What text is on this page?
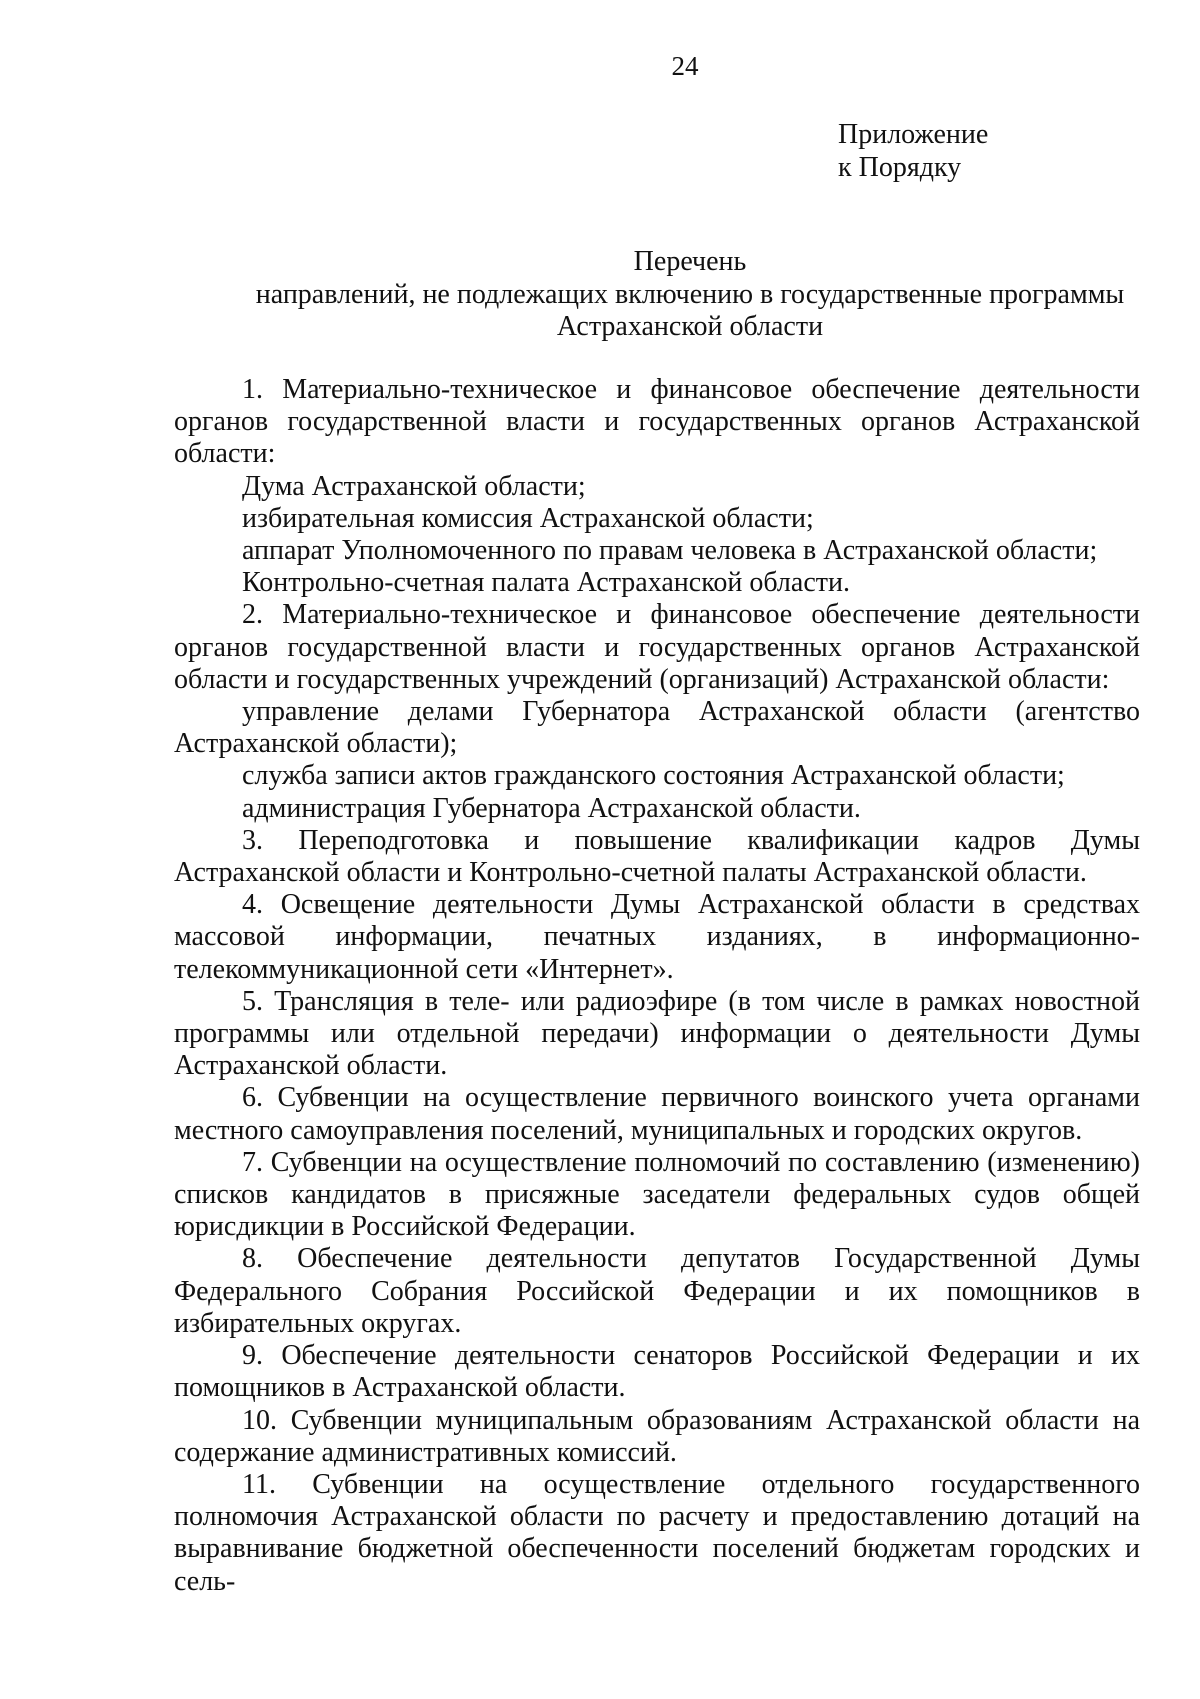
24
Приложение
к Порядку
Перечень
направлений, не подлежащих включению в государственные программы
Астраханской области

1. Материально-техническое и финансовое обеспечение деятельности органов государственной власти и государственных органов Астраханской области:

Дума Астраханской области;

избирательная комиссия Астраханской области;

аппарат Уполномоченного по правам человека в Астраханской области;

Контрольно-счетная палата Астраханской области.

2. Материально-техническое и финансовое обеспечение деятельности органов государственной власти и государственных органов Астраханской области и государственных учреждений (организаций) Астраханской области:

управление делами Губернатора Астраханской области (агентство Астраханской области);

служба записи актов гражданского состояния Астраханской области;

администрация Губернатора Астраханской области.

3. Переподготовка и повышение квалификации кадров Думы Астраханской области и Контрольно-счетной палаты Астраханской области.

4. Освещение деятельности Думы Астраханской области в средствах массовой информации, печатных изданиях, в информационно-телекоммуникационной сети «Интернет».

5. Трансляция в теле- или радиоэфире (в том числе в рамках новостной программы или отдельной передачи) информации о деятельности Думы Астраханской области.

6. Субвенции на осуществление первичного воинского учета органами местного самоуправления поселений, муниципальных и городских округов.

7. Субвенции на осуществление полномочий по составлению (изменению) списков кандидатов в присяжные заседатели федеральных судов общей юрисдикции в Российской Федерации.

8. Обеспечение деятельности депутатов Государственной Думы Федерального Собрания Российской Федерации и их помощников в избирательных округах.

9. Обеспечение деятельности сенаторов Российской Федерации и их помощников в Астраханской области.

10. Субвенции муниципальным образованиям Астраханской области на содержание административных комиссий.

11. Субвенции на осуществление отдельного государственного полномочия Астраханской области по расчету и предоставлению дотаций на выравнивание бюджетной обеспеченности поселений бюджетам городских и сель-
